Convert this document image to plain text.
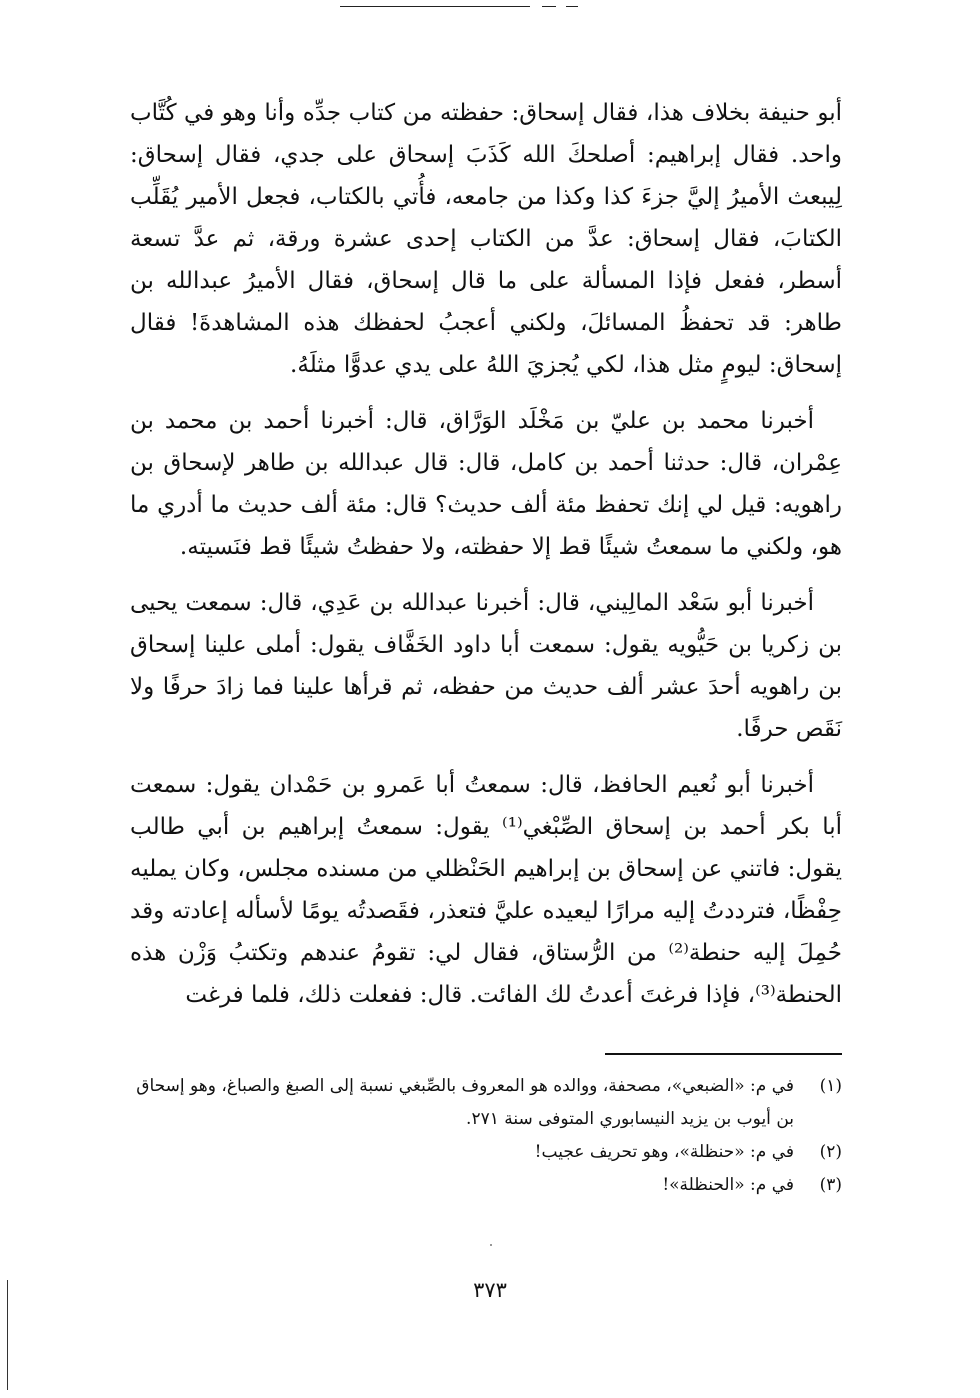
أبو حنيفة بخلاف هذا، فقال إسحاق: حفظته من كتاب جدِّه وأنا وهو في كُتَّاب واحد. فقال إبراهيم: أصلحكَ الله كَذَبَ إسحاق على جدي، فقال إسحاق: لِيبعث الأميرُ إليَّ جزءَ كذا وكذا من جامعه، فأُتي بالكتاب، فجعل الأمير يُقَلِّب الكتابَ، فقال إسحاق: عدَّ من الكتاب إحدى عشرة ورقة، ثم عدَّ تسعة أسطر، ففعل فإذا المسألة على ما قال إسحاق، فقال الأميرُ عبدالله بن طاهر: قد تحفظُ المسائلَ، ولكني أعجبُ لحفظك هذه المشاهدةَ! فقال إسحاق: ليومٍ مثل هذا، لكي يُجزيَ اللهُ على يدي عدوًّا مثلَهُ.

أخبرنا محمد بن عليّ بن مَخْلَد الوَرَّاق، قال: أخبرنا أحمد بن محمد بن عِمْران، قال: حدثنا أحمد بن كامل، قال: قال عبدالله بن طاهر لإسحاق بن راهويه: قيل لي إنك تحفظ مئة ألف حديث؟ قال: مئة ألف حديث ما أدري ما هو، ولكني ما سمعتُ شيئًا قط إلا حفظته، ولا حفظتُ شيئًا قط فنَسيته.

أخبرنا أبو سَعْد المالِيني، قال: أخبرنا عبدالله بن عَدِي، قال: سمعت يحيى بن زكريا بن حَيُّويه يقول: سمعت أبا داود الخَفَّاف يقول: أملى علينا إسحاق بن راهويه أحدَ عشر ألف حديث من حفظه، ثم قرأها علينا فما زادَ حرفًا ولا نَقَص حرفًا.

أخبرنا أبو نُعيم الحافظ، قال: سمعتُ أبا عَمرو بن حَمْدان يقول: سمعت أبا بكر أحمد بن إسحاق الصِّبْغي⁽¹⁾ يقول: سمعتُ إبراهيم بن أبي طالب يقول: فاتني عن إسحاق بن إبراهيم الحَنْظلي من مسنده مجلس، وكان يمليه حِفْظًا، فترددتُ إليه مرارًا ليعيده عليَّ فتعذر، فقَصدتُه يومًا لأسأله إعادته وقد حُمِلَ إليه حنطة⁽²⁾ من الرُّستاق، فقال لي: تقومُ عندهم وتكتبُ وَزْن هذه الحنطة⁽³⁾، فإذا فرغتَ أعدتُ لك الفائت. قال: ففعلت ذلك، فلما فرغت

(١)
في م: «الضبعي»، مصحفة، ووالده هو المعروف بالصِّبغي نسبة إلى الصبغ والصباغ، وهو إسحاق بن أيوب بن يزيد النيسابوري المتوفى سنة ٢٧١.
(٢)
في م: «حنظلة»، وهو تحريف عجيب!
(٣)
في م: «الحنظلة»!
٣٧٣
